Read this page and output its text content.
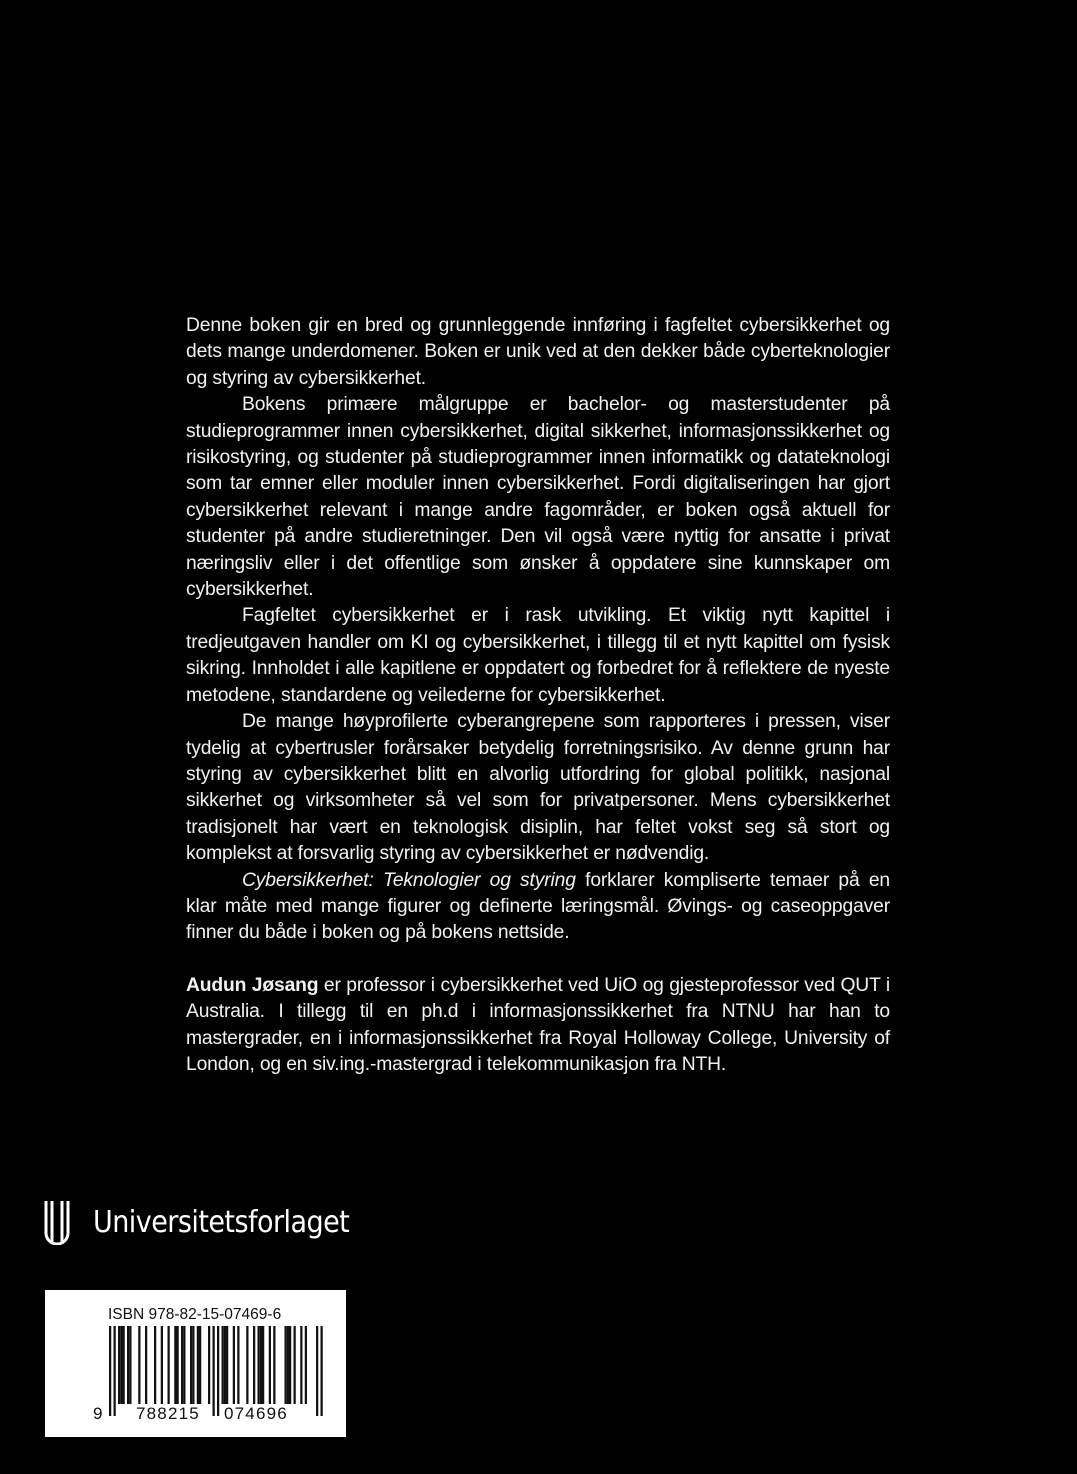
Denne boken gir en bred og grunnleggende innføring i fagfeltet cybersikkerhet og dets mange underdomener. Boken er unik ved at den dekker både cyberteknologier og styring av cybersikkerhet.

Bokens primære målgruppe er bachelor- og masterstudenter på studieprogrammer innen cybersikkerhet, digital sikkerhet, informasjonssikkerhet og risikostyring, og studenter på studieprogrammer innen informatikk og datateknologi som tar emner eller moduler innen cybersikkerhet. Fordi digitaliseringen har gjort cybersikkerhet relevant i mange andre fagområder, er boken også aktuell for studenter på andre studieretninger. Den vil også være nyttig for ansatte i privat næringsliv eller i det offentlige som ønsker å oppdatere sine kunnskaper om cybersikkerhet.

Fagfeltet cybersikkerhet er i rask utvikling. Et viktig nytt kapittel i tredjeutgaven handler om KI og cybersikkerhet, i tillegg til et nytt kapittel om fysisk sikring. Innholdet i alle kapitlene er oppdatert og forbedret for å reflektere de nyeste metodene, standardene og veilederne for cybersikkerhet.

De mange høyprofilerte cyberangrepene som rapporteres i pressen, viser tydelig at cybertrusler forårsaker betydelig forretningsrisiko. Av denne grunn har styring av cybersikkerhet blitt en alvorlig utfordring for global politikk, nasjonal sikkerhet og virksomheter så vel som for privatpersoner. Mens cybersikkerhet tradisjonelt har vært en teknologisk disiplin, har feltet vokst seg så stort og komplekst at forsvarlig styring av cybersikkerhet er nødvendig.

Cybersikkerhet: Teknologier og styring forklarer kompliserte temaer på en klar måte med mange figurer og definerte læringsmål. Øvings- og caseoppgaver finner du både i boken og på bokens nettside.

Audun Jøsang er professor i cybersikkerhet ved UiO og gjesteprofessor ved QUT i Australia. I tillegg til en ph.d i informasjonssikkerhet fra NTNU har han to mastergrader, en i informasjonssikkerhet fra Royal Holloway College, University of London, og en siv.ing.-mastergrad i telekommunikasjon fra NTH.

Universitetsforlaget
ISBN 978-82-15-07469-6
9 788215 074696
